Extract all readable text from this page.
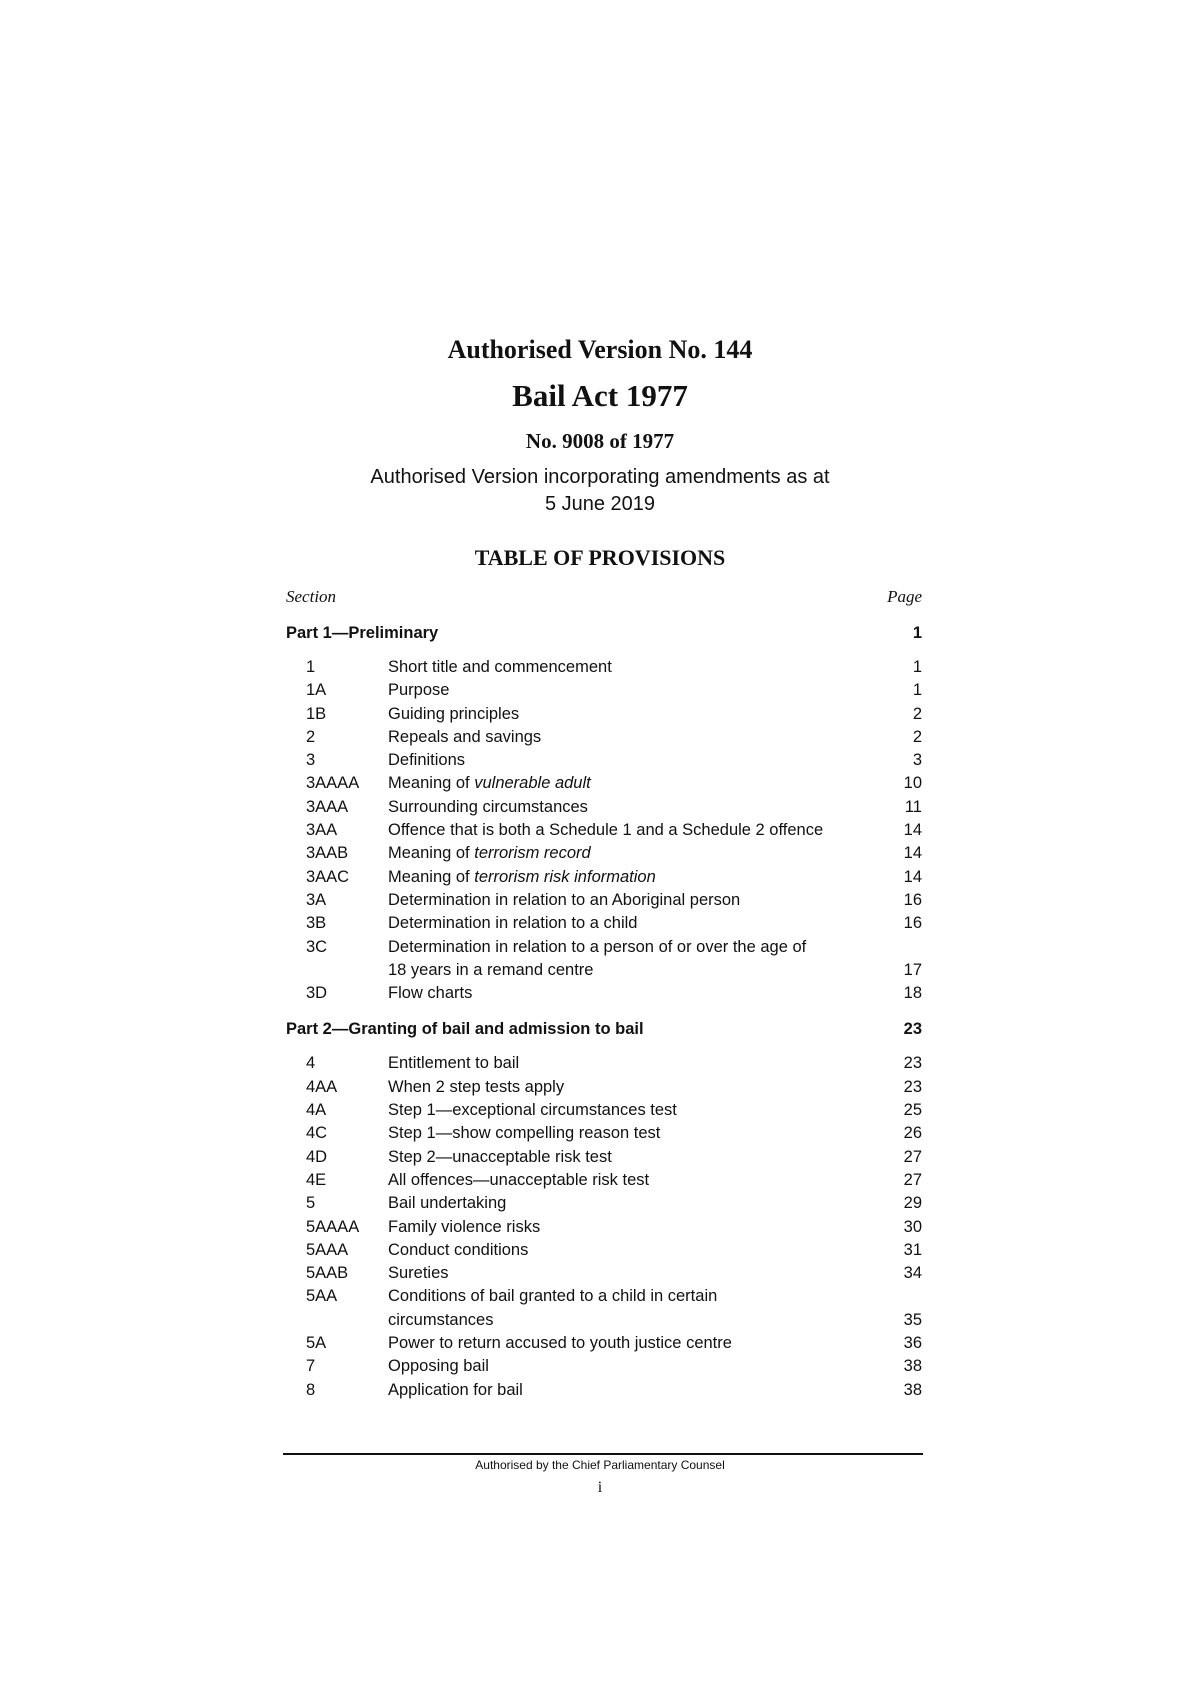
Authorised Version No. 144
Bail Act 1977
No. 9008 of 1977
Authorised Version incorporating amendments as at
5 June 2019
TABLE OF PROVISIONS
Section	Page
Part 1—Preliminary	1
1	Short title and commencement	1
1A	Purpose	1
1B	Guiding principles	2
2	Repeals and savings	2
3	Definitions	3
3AAAA	Meaning of vulnerable adult	10
3AAA	Surrounding circumstances	11
3AA	Offence that is both a Schedule 1 and a Schedule 2 offence	14
3AAB	Meaning of terrorism record	14
3AAC	Meaning of terrorism risk information	14
3A	Determination in relation to an Aboriginal person	16
3B	Determination in relation to a child	16
3C	Determination in relation to a person of or over the age of
18 years in a remand centre	17
3D	Flow charts	18
Part 2—Granting of bail and admission to bail	23
4	Entitlement to bail	23
4AA	When 2 step tests apply	23
4A	Step 1—exceptional circumstances test	25
4C	Step 1—show compelling reason test	26
4D	Step 2—unacceptable risk test	27
4E	All offences—unacceptable risk test	27
5	Bail undertaking	29
5AAAA	Family violence risks	30
5AAA	Conduct conditions	31
5AAB	Sureties	34
5AA	Conditions of bail granted to a child in certain
circumstances	35
5A	Power to return accused to youth justice centre	36
7	Opposing bail	38
8	Application for bail	38
Authorised by the Chief Parliamentary Counsel
i
